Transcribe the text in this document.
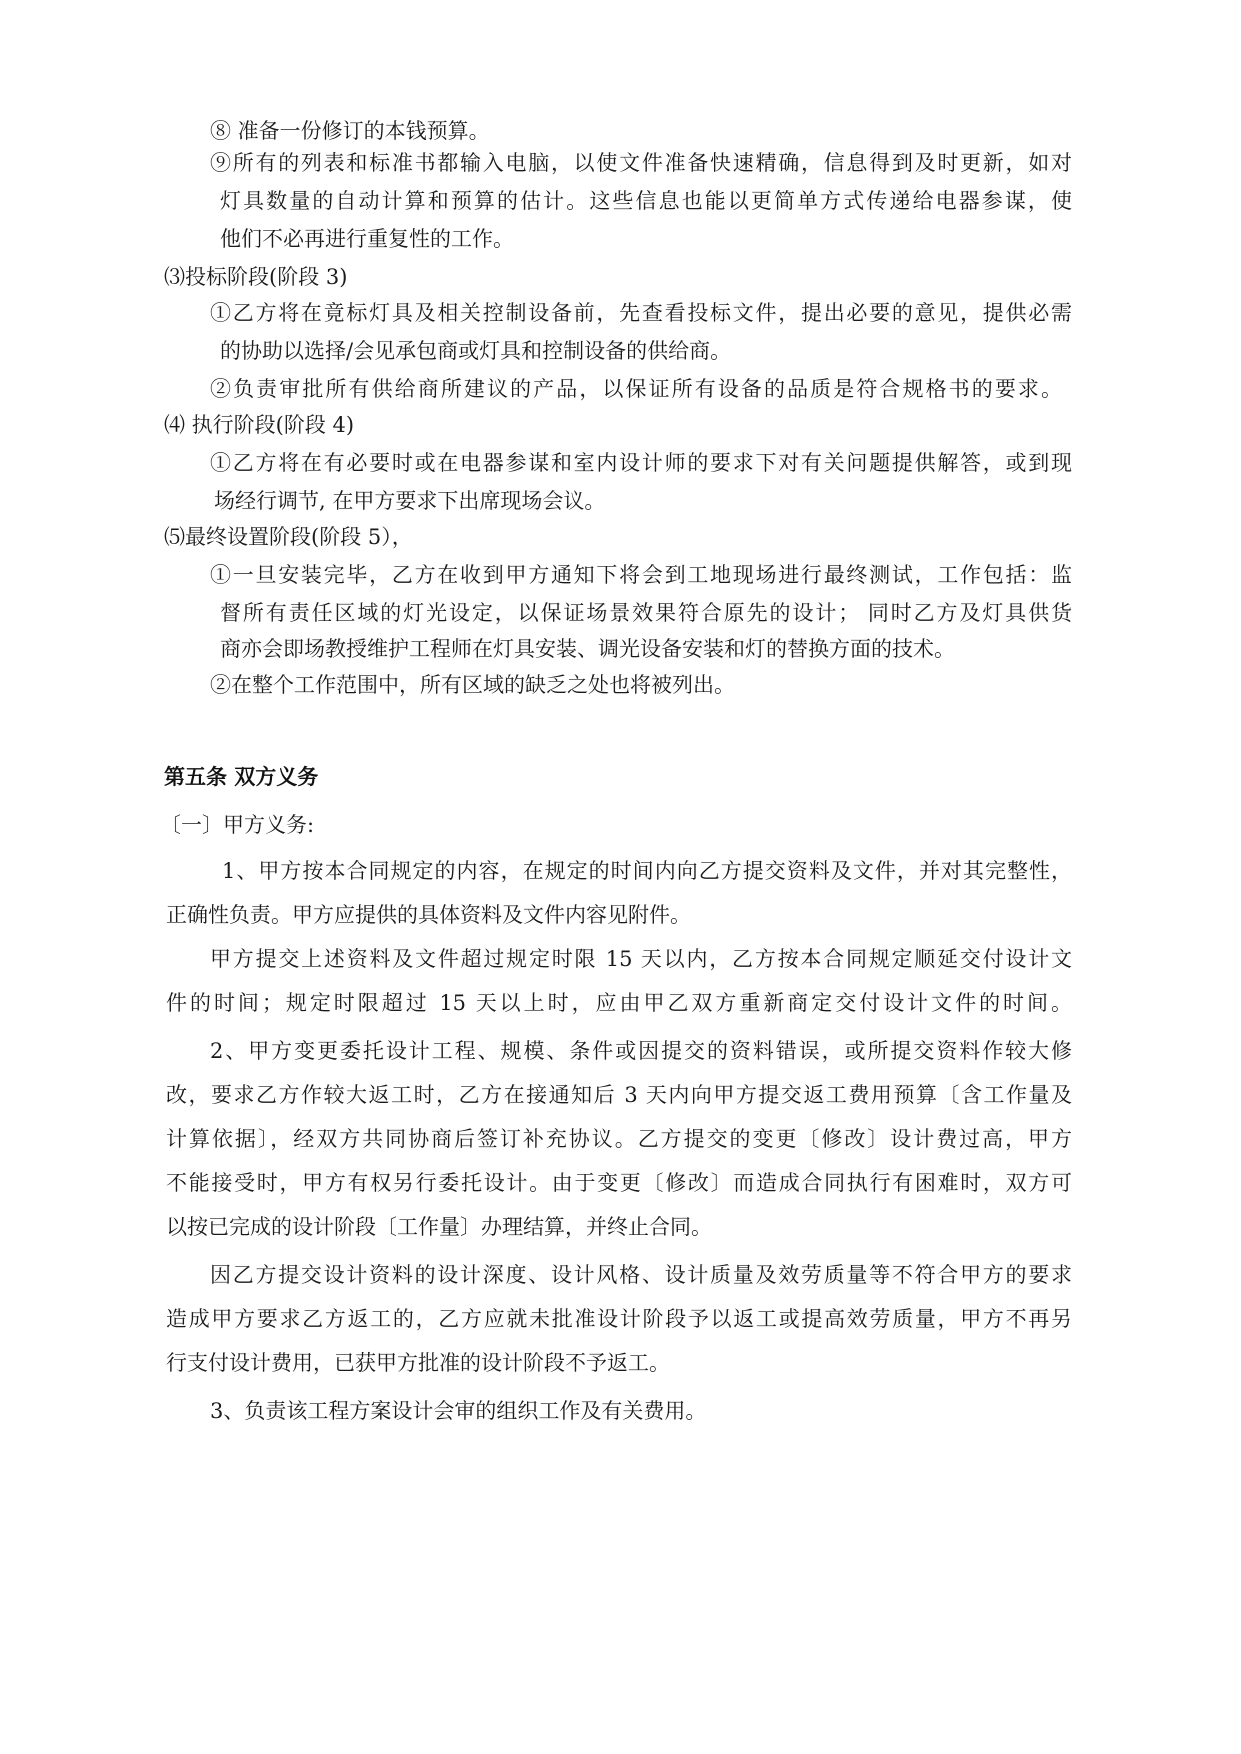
⑧ 准备一份修订的本钱预算。
⑨所有的列表和标准书都输入电脑，以使文件准备快速精确，信息得到及时更新，如对
灯具数量的自动计算和预算的估计。这些信息也能以更简单方式传递给电器参谋，使
他们不必再进行重复性的工作。
⑶投标阶段(阶段 3)
①乙方将在竟标灯具及相关控制设备前，先查看投标文件，提出必要的意见，提供必需
的协助以选择/会见承包商或灯具和控制设备的供给商。
②负责审批所有供给商所建议的产品，以保证所有设备的品质是符合规格书的要求。
⑷ 执行阶段(阶段 4)
①乙方将在有必要时或在电器参谋和室内设计师的要求下对有关问题提供解答，或到现
场经行调节, 在甲方要求下出席现场会议。
⑸最终设置阶段(阶段 5），
①一旦安装完毕，乙方在收到甲方通知下将会到工地现场进行最终测试，工作包括：监
督所有责任区域的灯光设定，以保证场景效果符合原先的设计； 同时乙方及灯具供货
商亦会即场教授维护工程师在灯具安装、调光设备安装和灯的替换方面的技术。
②在整个工作范围中，所有区域的缺乏之处也将被列出。
第五条 双方义务
〔一〕甲方义务:
1、甲方按本合同规定的内容，在规定的时间内向乙方提交资料及文件，并对其完整性，
正确性负责。甲方应提供的具体资料及文件内容见附件。
甲方提交上述资料及文件超过规定时限 15 天以内，乙方按本合同规定顺延交付设计文
件的时间；规定时限超过 15 天以上时，应由甲乙双方重新商定交付设计文件的时间。
2、甲方变更委托设计工程、规模、条件或因提交的资料错误，或所提交资料作较大修
改，要求乙方作较大返工时，乙方在接通知后 3 天内向甲方提交返工费用预算〔含工作量及
计算依据〕，经双方共同协商后签订补充协议。乙方提交的变更〔修改〕设计费过高，甲方
不能接受时，甲方有权另行委托设计。由于变更〔修改〕而造成合同执行有困难时，双方可
以按已完成的设计阶段〔工作量〕办理结算，并终止合同。
因乙方提交设计资料的设计深度、设计风格、设计质量及效劳质量等不符合甲方的要求
造成甲方要求乙方返工的，乙方应就未批准设计阶段予以返工或提高效劳质量，甲方不再另
行支付设计费用，已获甲方批准的设计阶段不予返工。
3、负责该工程方案设计会审的组织工作及有关费用。
